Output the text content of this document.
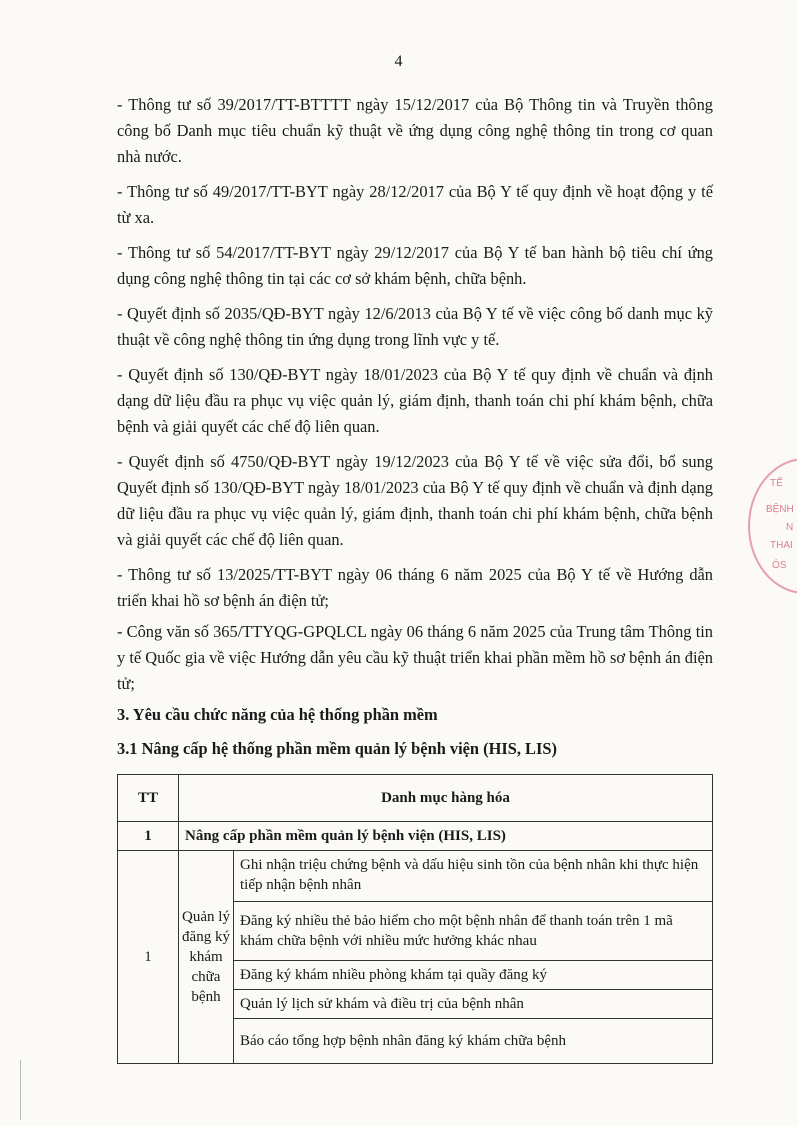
4

- Thông tư số 39/2017/TT-BTTTT ngày 15/12/2017 của Bộ Thông tin và Truyền thông công bố Danh mục tiêu chuẩn kỹ thuật về ứng dụng công nghệ thông tin trong cơ quan nhà nước.

- Thông tư số 49/2017/TT-BYT ngày 28/12/2017 của Bộ Y tế quy định về hoạt động y tế từ xa.

- Thông tư số 54/2017/TT-BYT ngày 29/12/2017 của Bộ Y tế ban hành bộ tiêu chí ứng dụng công nghệ thông tin tại các cơ sở khám bệnh, chữa bệnh.

- Quyết định số 2035/QĐ-BYT ngày 12/6/2013 của Bộ Y tế về việc công bố danh mục kỹ thuật về công nghệ thông tin ứng dụng trong lĩnh vực y tế.

- Quyết định số 130/QĐ-BYT ngày 18/01/2023 của Bộ Y tế quy định về chuẩn và định dạng dữ liệu đầu ra phục vụ việc quản lý, giám định, thanh toán chi phí khám bệnh, chữa bệnh và giải quyết các chế độ liên quan.

- Quyết định số 4750/QĐ-BYT ngày 19/12/2023 của Bộ Y tế về việc sửa đổi, bổ sung Quyết định số 130/QĐ-BYT ngày 18/01/2023 của Bộ Y tế quy định về chuẩn và định dạng dữ liệu đầu ra phục vụ việc quản lý, giám định, thanh toán chi phí khám bệnh, chữa bệnh và giải quyết các chế độ liên quan.

- Thông tư số 13/2025/TT-BYT ngày 06 tháng 6 năm 2025 của Bộ Y tế về Hướng dẫn triển khai hồ sơ bệnh án điện tử;

- Công văn số 365/TTYQG-GPQLCL ngày 06 tháng 6 năm 2025 của Trung tâm Thông tin y tế Quốc gia về việc Hướng dẫn yêu cầu kỹ thuật triển khai phần mềm hồ sơ bệnh án điện tử;

3. Yêu cầu chức năng của hệ thống phần mềm

3.1 Nâng cấp hệ thống phần mềm quản lý bệnh viện (HIS, LIS)

TT	Danh mục hàng hóa	
1	Nâng cấp phần mềm quản lý bệnh viện (HIS, LIS)	
1	Quản lý đăng ký khám chữa bệnh	Ghi nhận triệu chứng bệnh và dấu hiệu sinh tồn của bệnh nhân khi thực hiện tiếp nhận bệnh nhân
		Đăng ký nhiều thẻ bảo hiểm cho một bệnh nhân để thanh toán trên 1 mã khám chữa bệnh với nhiều mức hưởng khác nhau
		Đăng ký khám nhiều phòng khám tại quầy đăng ký
		Quản lý lịch sử khám và điều trị của bệnh nhân
		Báo cáo tổng hợp bệnh nhân đăng ký khám chữa bệnh
TẾ
BỆNH
N
THAI
ÓS
